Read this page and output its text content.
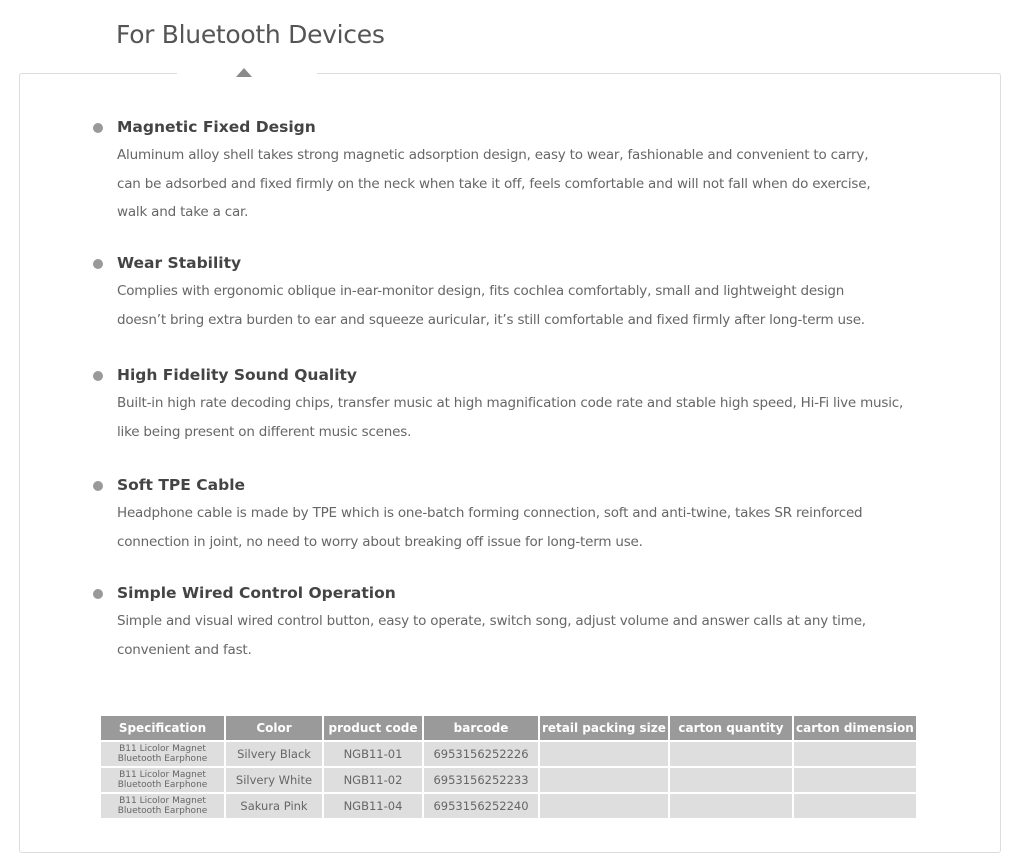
For Bluetooth Devices
Magnetic Fixed Design

Aluminum alloy shell takes strong magnetic adsorption design, easy to wear, fashionable and convenient to carry,
can be adsorbed and fixed firmly on the neck when take it off, feels comfortable and will not fall when do exercise,
walk and take a car.

Wear Stability

Complies with ergonomic oblique in-ear-monitor design, fits cochlea comfortably, small and lightweight design
doesn’t bring extra burden to ear and squeeze auricular, it’s still comfortable and fixed firmly after long-term use.

High Fidelity Sound Quality

Built-in high rate decoding chips, transfer music at high magnification code rate and stable high speed, Hi-Fi live music,
like being present on different music scenes.

Soft TPE Cable

Headphone cable is made by TPE which is one-batch forming connection, soft and anti-twine, takes SR reinforced
connection in joint, no need to worry about breaking off issue for long-term use.

Simple Wired Control Operation

Simple and visual wired control button, easy to operate, switch song, adjust volume and answer calls at any time,
convenient and fast.

Specification	Color	product code	barcode	retail packing size	carton quantity	carton dimension
B11 Licolor Magnet
Bluetooth Earphone	Silvery Black	NGB11-01	6953156252226			
B11 Licolor Magnet
Bluetooth Earphone	Silvery White	NGB11-02	6953156252233			
B11 Licolor Magnet
Bluetooth Earphone	Sakura Pink	NGB11-04	6953156252240			
